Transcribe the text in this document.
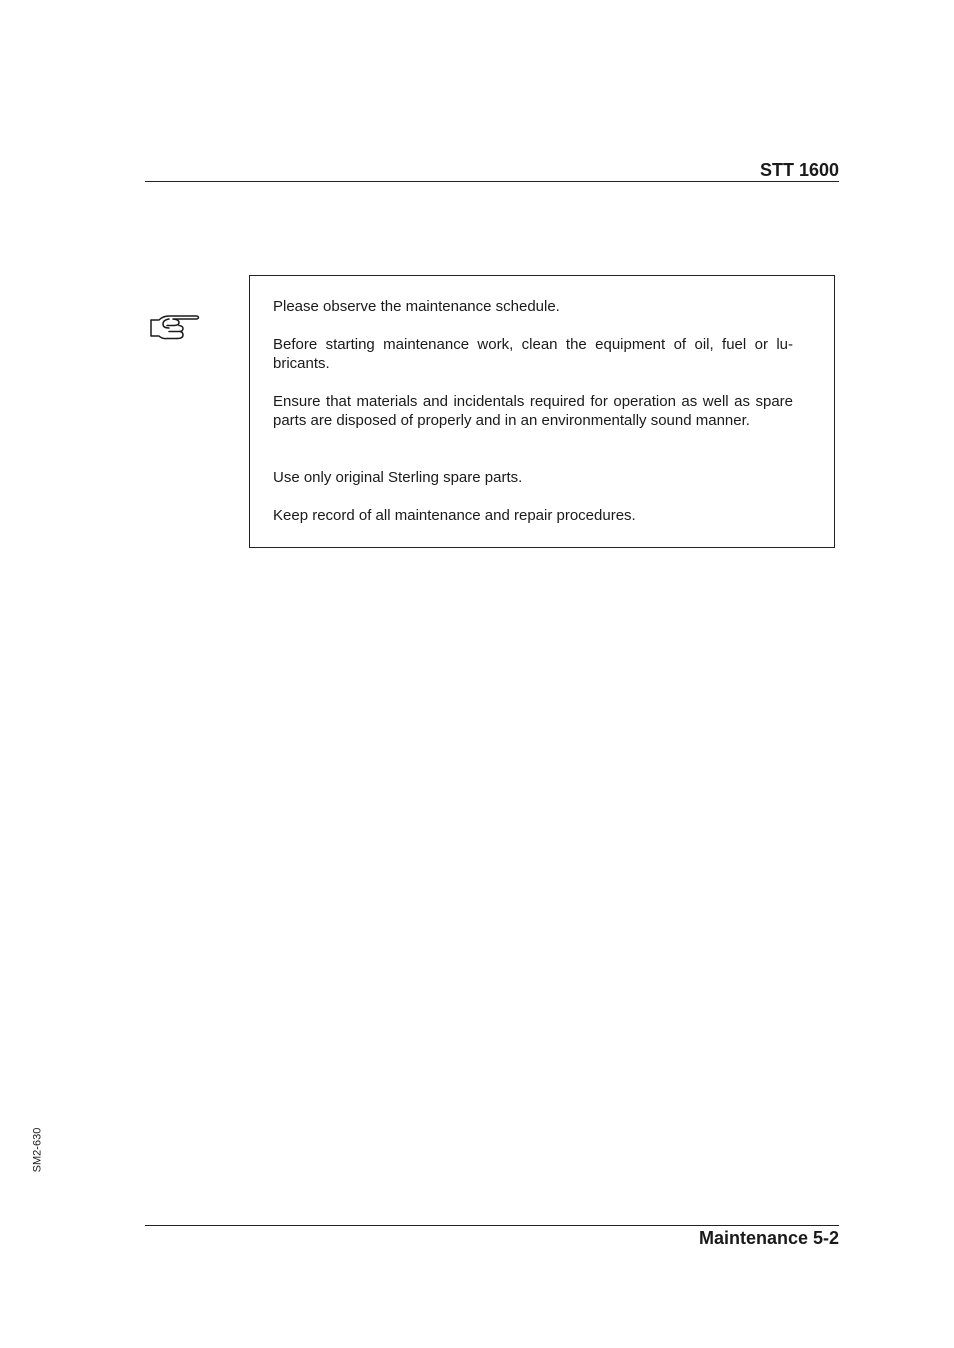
STT 1600

Please observe the maintenance schedule.

Before starting maintenance work, clean the equipment of oil, fuel or lu-bricants.

Ensure that materials and incidentals required for operation as well as spare parts are disposed of properly and in an environmentally sound manner.

Use only original Sterling spare parts.

Keep record of all maintenance and repair procedures.

SM2-630
Maintenance 5-2
